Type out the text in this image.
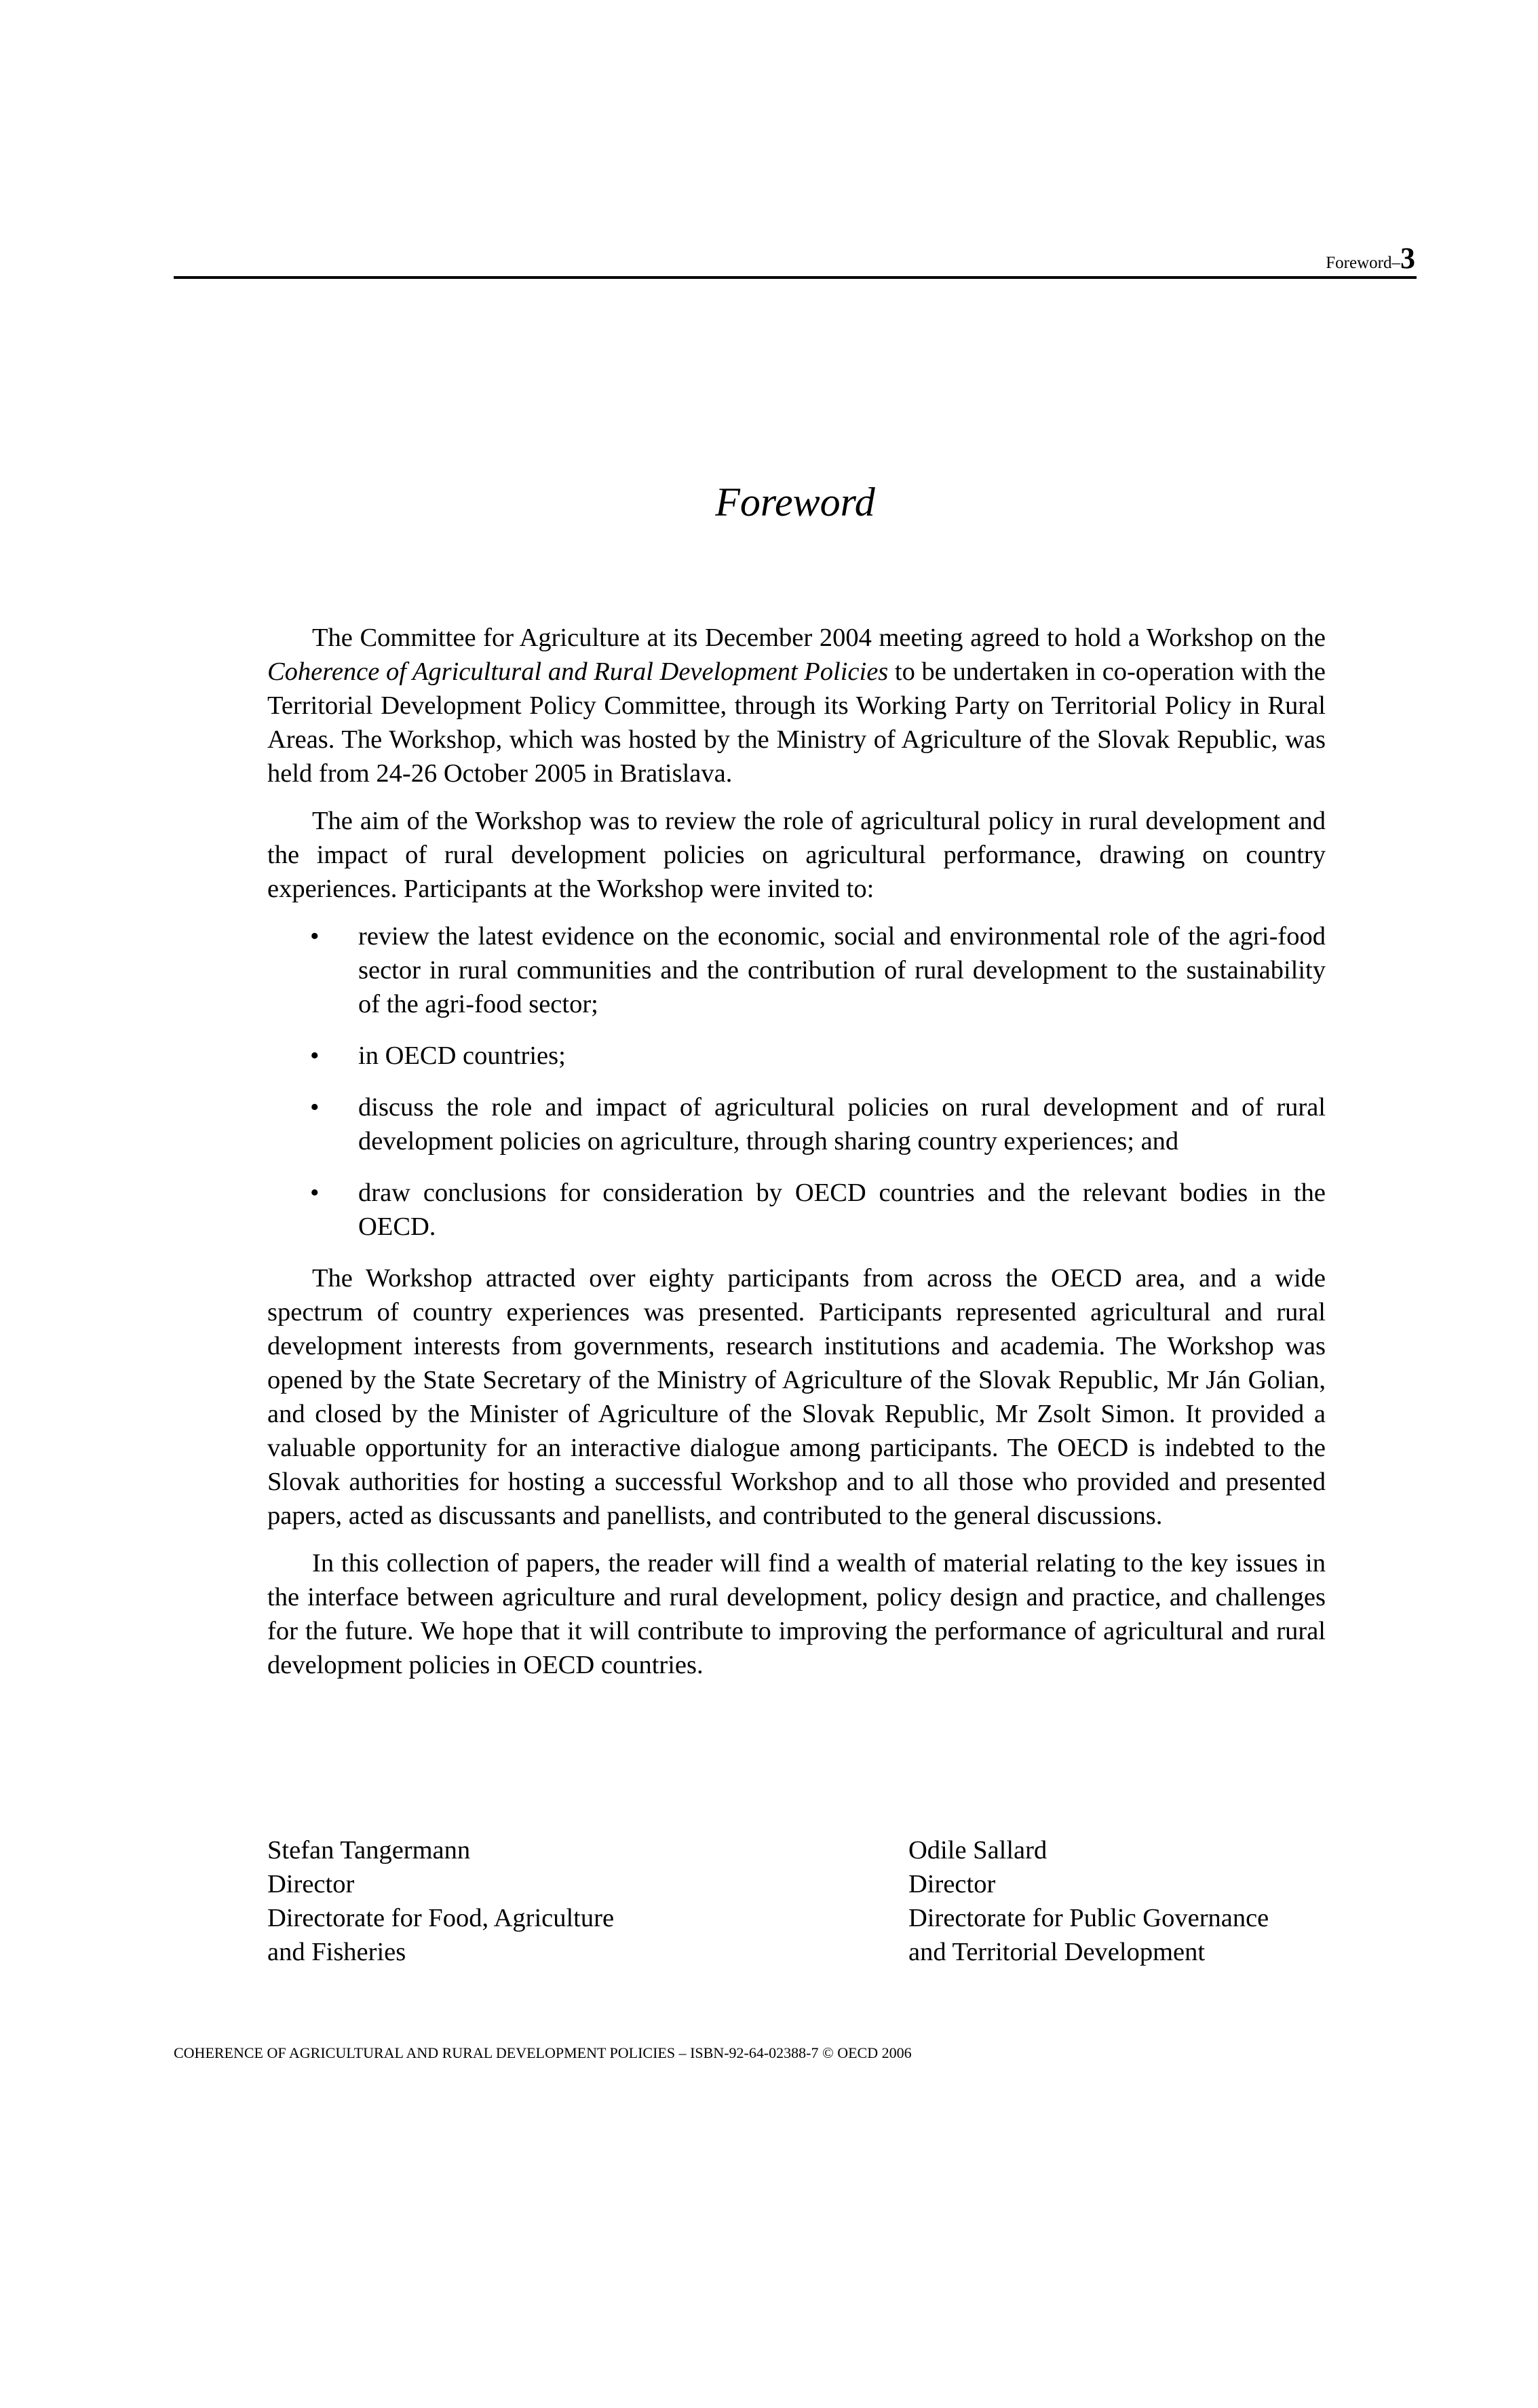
Foreword–3
Foreword

The Committee for Agriculture at its December 2004 meeting agreed to hold a Workshop on the Coherence of Agricultural and Rural Development Policies to be undertaken in co-operation with the Territorial Development Policy Committee, through its Working Party on Territorial Policy in Rural Areas. The Workshop, which was hosted by the Ministry of Agriculture of the Slovak Republic, was held from 24-26 October 2005 in Bratislava.

The aim of the Workshop was to review the role of agricultural policy in rural development and the impact of rural development policies on agricultural performance, drawing on country experiences. Participants at the Workshop were invited to:

• review the latest evidence on the economic, social and environmental role of the agri-food sector in rural communities and the contribution of rural development to the sustainability of the agri-food sector;
• in OECD countries;
• discuss the role and impact of agricultural policies on rural development and of rural development policies on agriculture, through sharing country experiences; and
• draw conclusions for consideration by OECD countries and the relevant bodies in the OECD.

The Workshop attracted over eighty participants from across the OECD area, and a wide spectrum of country experiences was presented. Participants represented agricultural and rural development interests from governments, research institutions and academia. The Workshop was opened by the State Secretary of the Ministry of Agriculture of the Slovak Republic, Mr Ján Golian, and closed by the Minister of Agriculture of the Slovak Republic, Mr Zsolt Simon. It provided a valuable opportunity for an interactive dialogue among participants. The OECD is indebted to the Slovak authorities for hosting a successful Workshop and to all those who provided and presented papers, acted as discussants and panellists, and contributed to the general discussions.

In this collection of papers, the reader will find a wealth of material relating to the key issues in the interface between agriculture and rural development, policy design and practice, and challenges for the future. We hope that it will contribute to improving the performance of agricultural and rural development policies in OECD countries.

Stefan Tangermann
Director
Directorate for Food, Agriculture
and Fisheries
Odile Sallard
Director
Directorate for Public Governance
and Territorial Development
COHERENCE OF AGRICULTURAL AND RURAL DEVELOPMENT POLICIES – ISBN-92-64-02388-7 © OECD 2006
